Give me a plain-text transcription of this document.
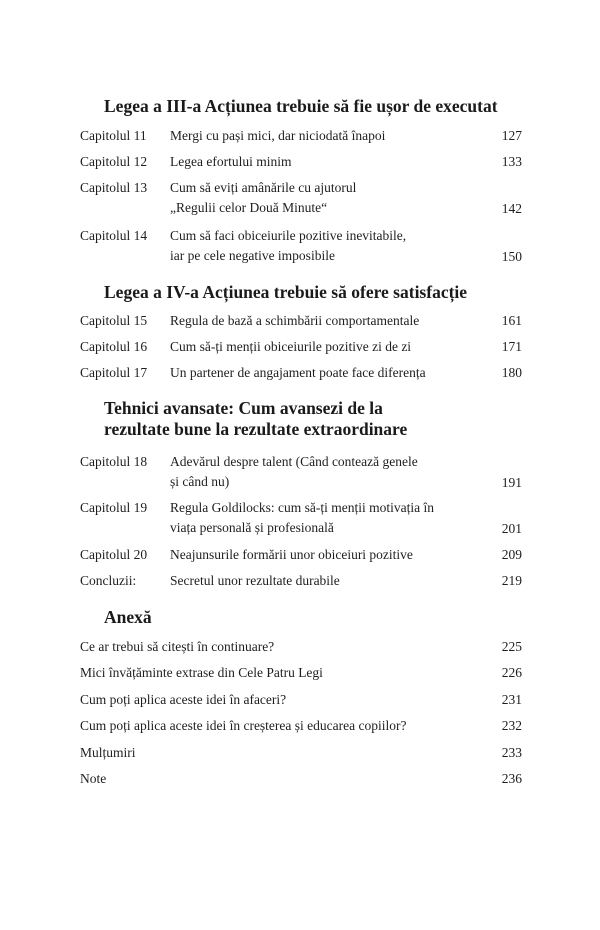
Legea a III-a Acțiunea trebuie să fie ușor de executat
Capitolul 11 Mergi cu pași mici, dar niciodată înapoi	127
Capitolul 12 Legea efortului minim	133
Capitolul 13 Cum să eviți amânările cu ajutorul
„Regulii celor Două Minute“	142
Capitolul 14 Cum să faci obiceiurile pozitive inevitabile,
iar pe cele negative imposibile	150
Legea a IV-a Acțiunea trebuie să ofere satisfacție
Capitolul 15 Regula de bază a schimbării comportamentale	161
Capitolul 16 Cum să-ți menții obiceiurile pozitive zi de zi	171
Capitolul 17 Un partener de angajament poate face diferența	180
Tehnici avansate: Cum avansezi de la
rezultate bune la rezultate extraordinare
Capitolul 18 Adevărul despre talent (Când contează genele
și când nu)	191
Capitolul 19 Regula Goldilocks: cum să-ți menții motivația în
viața personală și profesională	201
Capitolul 20 Neajunsurile formării unor obiceiuri pozitive	209
Concluzii:	Secretul unor rezultate durabile	219
Anexă
Ce ar trebui să citești în continuare?	225
Mici învățăminte extrase din Cele Patru Legi	226
Cum poți aplica aceste idei în afaceri?	231
Cum poți aplica aceste idei în creșterea și educarea copiilor?	232
Mulțumiri	233
Note	236
